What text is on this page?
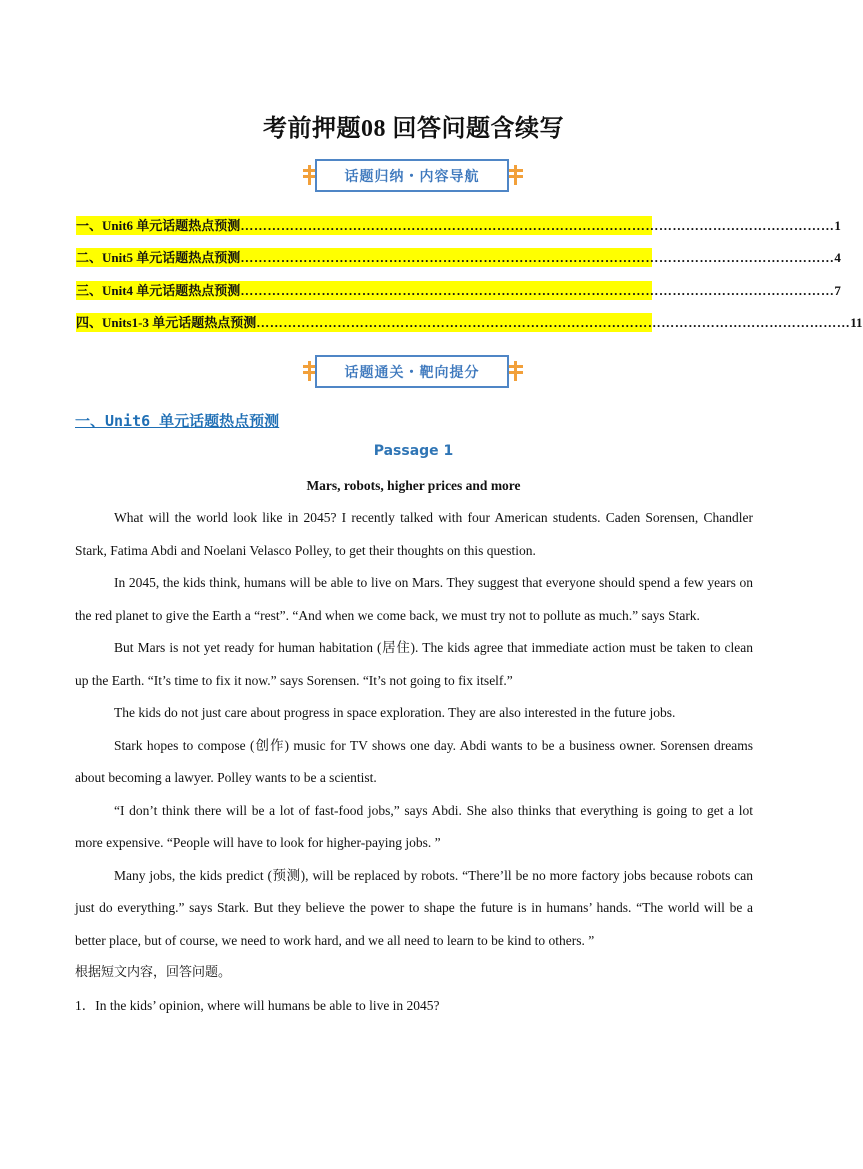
考前押题08 回答问题含续写
话题归纳・内容导航
一、Unit6 单元话题热点预测 …………………………………………………………………………………………………………………… 1
二、Unit5 单元话题热点预测 …………………………………………………………………………………………………………………… 4
三、Unit4 单元话题热点预测 …………………………………………………………………………………………………………………… 7
四、Units1-3 单元话题热点预测 …………………………………………………………………………………………………………………… 11
话题通关・靶向提分
一、Unit6 单元话题热点预测
Passage 1
Mars, robots, higher prices and more

What will the world look like in 2045? I recently talked with four American students. Caden Sorensen, Chandler Stark, Fatima Abdi and Noelani Velasco Polley, to get their thoughts on this question.

In 2045, the kids think, humans will be able to live on Mars. They suggest that everyone should spend a few years on the red planet to give the Earth a “rest”. “And when we come back, we must try not to pollute as much.” says Stark.

But Mars is not yet ready for human habitation (居住). The kids agree that immediate action must be taken to clean up the Earth. “It’s time to fix it now.” says Sorensen. “It’s not going to fix itself.”

The kids do not just care about progress in space exploration. They are also interested in the future jobs.

Stark hopes to compose (创作) music for TV shows one day. Abdi wants to be a business owner. Sorensen dreams about becoming a lawyer. Polley wants to be a scientist.

“I don’t think there will be a lot of fast-food jobs,” says Abdi. She also thinks that everything is going to get a lot more expensive. “People will have to look for higher-paying jobs. ”

Many jobs, the kids predict (预测), will be replaced by robots. “There’ll be no more factory jobs because robots can just do everything.” says Stark. But they believe the power to shape the future is in humans’ hands. “The world will be a better place, but of course, we need to work hard, and we all need to learn to be kind to others. ”

根据短文内容，回答问题。

1．In the kids’ opinion, where will humans be able to live in 2045?
